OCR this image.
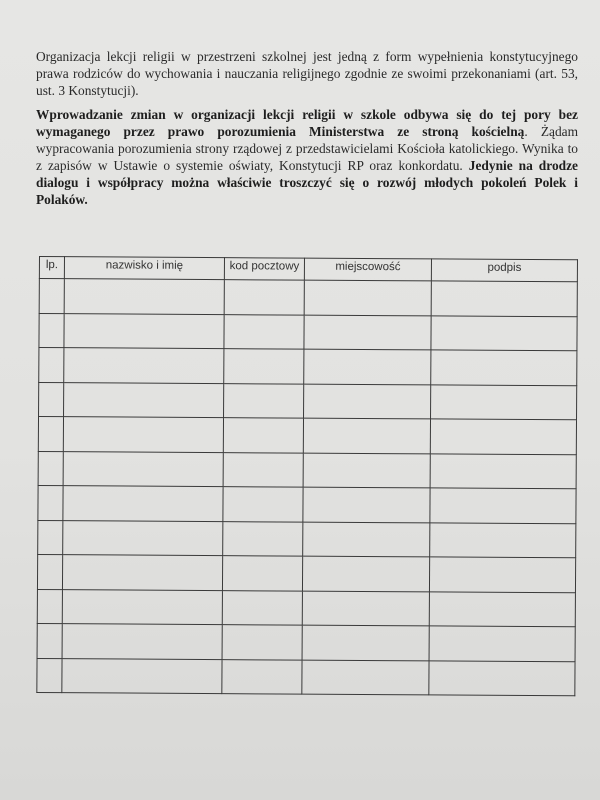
Organizacja lekcji religii w przestrzeni szkolnej jest jedną z form wypełnienia konstytucyjnego prawa rodziców do wychowania i nauczania religijnego zgodnie ze swoimi przekonaniami (art. 53, ust. 3 Konstytucji).

Wprowadzanie zmian w organizacji lekcji religii w szkole odbywa się do tej pory bez wymaganego przez prawo porozumienia Ministerstwa ze stroną kościelną. Żądam wypracowania porozumienia strony rządowej z przedstawicielami Kościoła katolickiego. Wynika to z zapisów w Ustawie o systemie oświaty, Konstytucji RP oraz konkordatu. Jedynie na drodze dialogu i współpracy można właściwie troszczyć się o rozwój młodych pokoleń Polek i Polaków.

lp.	nazwisko i imię	kod pocztowy	miejscowość	podpis
